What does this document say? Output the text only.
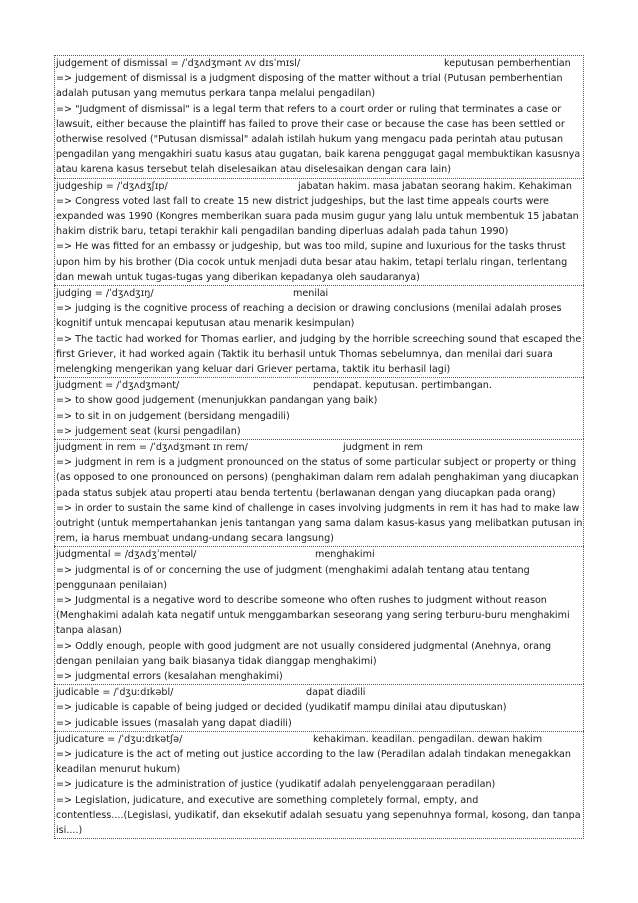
judgement of dismissal = /ˈdʒʌdʒmənt ʌv dɪsˈmɪsl/	keputusan pemberhentian
=> judgement of dismissal is a judgment disposing of the matter without a trial (Putusan pemberhentian
adalah putusan yang memutus perkara tanpa melalui pengadilan)
=> "Judgment of dismissal" is a legal term that refers to a court order or ruling that terminates a case or
lawsuit, either because the plaintiff has failed to prove their case or because the case has been settled or
otherwise resolved ("Putusan dismissal" adalah istilah hukum yang mengacu pada perintah atau putusan
pengadilan yang mengakhiri suatu kasus atau gugatan, baik karena penggugat gagal membuktikan kasusnya
atau karena kasus tersebut telah diselesaikan atau diselesaikan dengan cara lain)
judgeship = /ˈdʒʌdʒʃɪp/	jabatan hakim. masa jabatan seorang hakim. Kehakiman
=> Congress voted last fall to create 15 new district judgeships, but the last time appeals courts were
expanded was 1990 (Kongres memberikan suara pada musim gugur yang lalu untuk membentuk 15 jabatan
hakim distrik baru, tetapi terakhir kali pengadilan banding diperluas adalah pada tahun 1990)
=> He was fitted for an embassy or judgeship, but was too mild, supine and luxurious for the tasks thrust
upon him by his brother (Dia cocok untuk menjadi duta besar atau hakim, tetapi terlalu ringan, terlentang
dan mewah untuk tugas-tugas yang diberikan kepadanya oleh saudaranya)
judging = /ˈdʒʌdʒɪŋ/	menilai
=> judging is the cognitive process of reaching a decision or drawing conclusions (menilai adalah proses
kognitif untuk mencapai keputusan atau menarik kesimpulan)
=> The tactic had worked for Thomas earlier, and judging by the horrible screeching sound that escaped the
first Griever, it had worked again (Taktik itu berhasil untuk Thomas sebelumnya, dan menilai dari suara
melengking mengerikan yang keluar dari Griever pertama, taktik itu berhasil lagi)
judgment = /ˈdʒʌdʒmənt/	pendapat. keputusan. pertimbangan.
=> to show good judgement (menunjukkan pandangan yang baik)
=> to sit in on judgement (bersidang mengadili)
=> judgement seat (kursi pengadilan)
judgment in rem = /ˈdʒʌdʒmənt ɪn rem/	judgment in rem
=> judgment in rem is a judgment pronounced on the status of some particular subject or property or thing
(as opposed to one pronounced on persons) (penghakiman dalam rem adalah penghakiman yang diucapkan
pada status subjek atau properti atau benda tertentu (berlawanan dengan yang diucapkan pada orang)
=> in order to sustain the same kind of challenge in cases involving judgments in rem it has had to make law
outright (untuk mempertahankan jenis tantangan yang sama dalam kasus-kasus yang melibatkan putusan in
rem, ia harus membuat undang-undang secara langsung)
judgmental = /dʒʌdʒˈmentəl/	menghakimi
=> judgmental is of or concerning the use of judgment (menghakimi adalah tentang atau tentang
penggunaan penilaian)
=> Judgmental is a negative word to describe someone who often rushes to judgment without reason
(Menghakimi adalah kata negatif untuk menggambarkan seseorang yang sering terburu-buru menghakimi
tanpa alasan)
=> Oddly enough, people with good judgment are not usually considered judgmental (Anehnya, orang
dengan penilaian yang baik biasanya tidak dianggap menghakimi)
=> judgmental errors (kesalahan menghakimi)
judicable = /ˈdʒuːdɪkəbl/	dapat diadili
=> judicable is capable of being judged or decided (yudikatif mampu dinilai atau diputuskan)
=> judicable issues (masalah yang dapat diadili)
judicature = /ˈdʒuːdɪkətʃə/	kehakiman. keadilan. pengadilan. dewan hakim
=> judicature is the act of meting out justice according to the law (Peradilan adalah tindakan menegakkan
keadilan menurut hukum)
=> judicature is the administration of justice (yudikatif adalah penyelenggaraan peradilan)
=> Legislation, judicature, and executive are something completely formal, empty, and
contentless....(Legislasi, yudikatif, dan eksekutif adalah sesuatu yang sepenuhnya formal, kosong, dan tanpa
isi....)
